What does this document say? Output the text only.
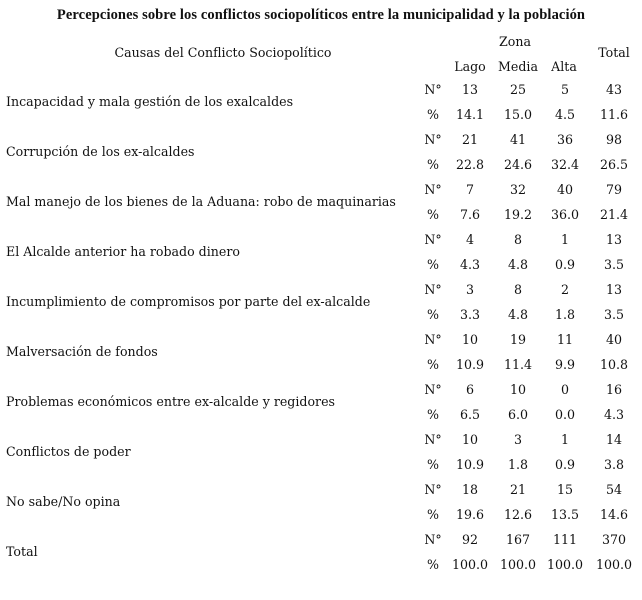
Percepciones sobre los conflictos sociopolíticos entre la municipalidad y la población
Causas del Conflicto Sociopolítico
Zona
Total
Lago Media	Alta
Incapacidad y mala gestión de los exalcaldes
N°
%
13
14.1
25
15.0
5
4.5
43
11.6
Corrupción de los ex-alcaldes
N°
%
21
22.8
41
24.6
36
32.4
98
26.5
Mal manejo de los bienes de la Aduana: robo de maquinarias
N°
%
7
7.6
32
19.2
40
36.0
79
21.4
El Alcalde anterior ha robado dinero
N°
%
4
4.3
8
4.8
1
0.9
13
3.5
Incumplimiento de compromisos por parte del ex-alcalde
N°
%
3
3.3
8
4.8
2
1.8
13
3.5
Malversación de fondos
N°
%
10
10.9
19
11.4
11
9.9
40
10.8
Problemas económicos entre ex-alcalde y regidores
N°
%
6
6.5
10
6.0
0
0.0
16
4.3
Conflictos de poder
N°
%
10
10.9
3
1.8
1
0.9
14
3.8
No sabe/No opina
N°
%
18
19.6
21
12.6
15
13.5
54
14.6
Total
N°
%
92
100.0
167
100.0
111
100.0
370
100.0
